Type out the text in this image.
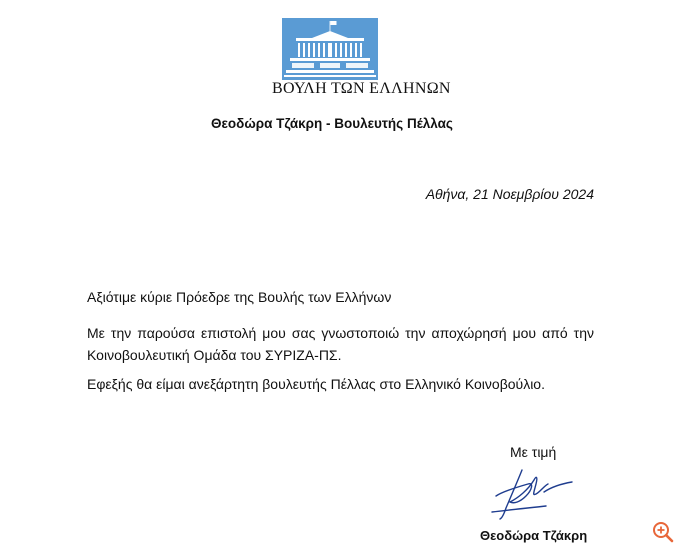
ΒΟΥΛΗ ΤΩΝ ΕΛΛΗΝΩΝ
Θεοδώρα Τζάκρη - Βουλευτής Πέλλας
Αθήνα, 21 Νοεμβρίου 2024
Αξιότιμε κύριε Πρόεδρε της Βουλής των Ελλήνων
Με την παρούσα επιστολή μου σας γνωστοποιώ την αποχώρησή μου από την Κοινοβουλευτική Ομάδα του ΣΥΡΙΖΑ-ΠΣ.
Εφεξής θα είμαι ανεξάρτητη βουλευτής Πέλλας στο Ελληνικό Κοινοβούλιο.
Με τιμή
Θεοδώρα Τζάκρη
